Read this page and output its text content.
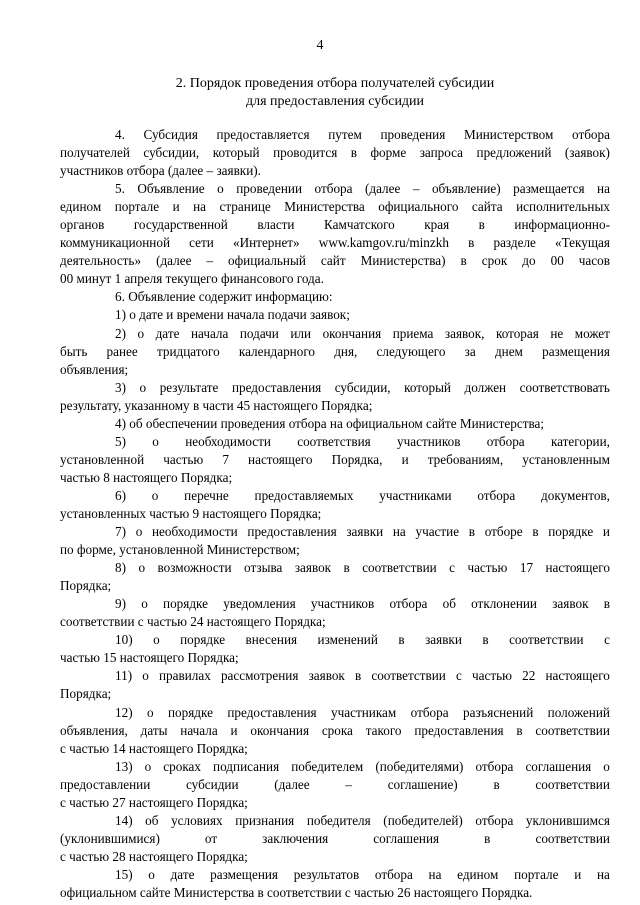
4
2. Порядок проведения отбора получателей субсидии
для предоставления субсидии
4. Субсидия предоставляется путем проведения Министерством отбора
получателей субсидии, который проводится в форме запроса предложений (заявок)
участников отбора (далее – заявки).
5. Объявление о проведении отбора (далее – объявление) размещается на
едином портале и на странице Министерства официального сайта исполнительных
органов государственной власти Камчатского края в информационно-
коммуникационной сети «Интернет» www.kamgov.ru/minzkh в разделе «Текущая
деятельность» (далее – официальный сайт Министерства) в срок до 00 часов
00 минут 1 апреля текущего финансового года.
6. Объявление содержит информацию:
1) о дате и времени начала подачи заявок;
2) о дате начала подачи или окончания приема заявок, которая не может
быть ранее тридцатого календарного дня, следующего за днем размещения
объявления;
3) о результате предоставления субсидии, который должен соответствовать
результату, указанному в части 45 настоящего Порядка;
4) об обеспечении проведения отбора на официальном сайте Министерства;
5) о необходимости соответствия участников отбора категории,
установленной частью 7 настоящего Порядка, и требованиям, установленным
частью 8 настоящего Порядка;
6) о перечне предоставляемых участниками отбора документов,
установленных частью 9 настоящего Порядка;
7) о необходимости предоставления заявки на участие в отборе в порядке и
по форме, установленной Министерством;
8) о возможности отзыва заявок в соответствии с частью 17 настоящего
Порядка;
9) о порядке уведомления участников отбора об отклонении заявок в
соответствии с частью 24 настоящего Порядка;
10) о порядке внесения изменений в заявки в соответствии с
частью 15 настоящего Порядка;
11) о правилах рассмотрения заявок в соответствии с частью 22 настоящего
Порядка;
12) о порядке предоставления участникам отбора разъяснений положений
объявления, даты начала и окончания срока такого предоставления в соответствии
с частью 14 настоящего Порядка;
13) о сроках подписания победителем (победителями) отбора соглашения о
предоставлении	субсидии	(далее	–	соглашение)	в	соответствии
с частью 27 настоящего Порядка;
14) об условиях признания победителя (победителей) отбора уклонившимся
(уклонившимися)	от	заключения	соглашения	в	соответствии
с частью 28 настоящего Порядка;
15) о дате размещения результатов отбора на едином портале и на
официальном сайте Министерства в соответствии с частью 26 настоящего Порядка.
